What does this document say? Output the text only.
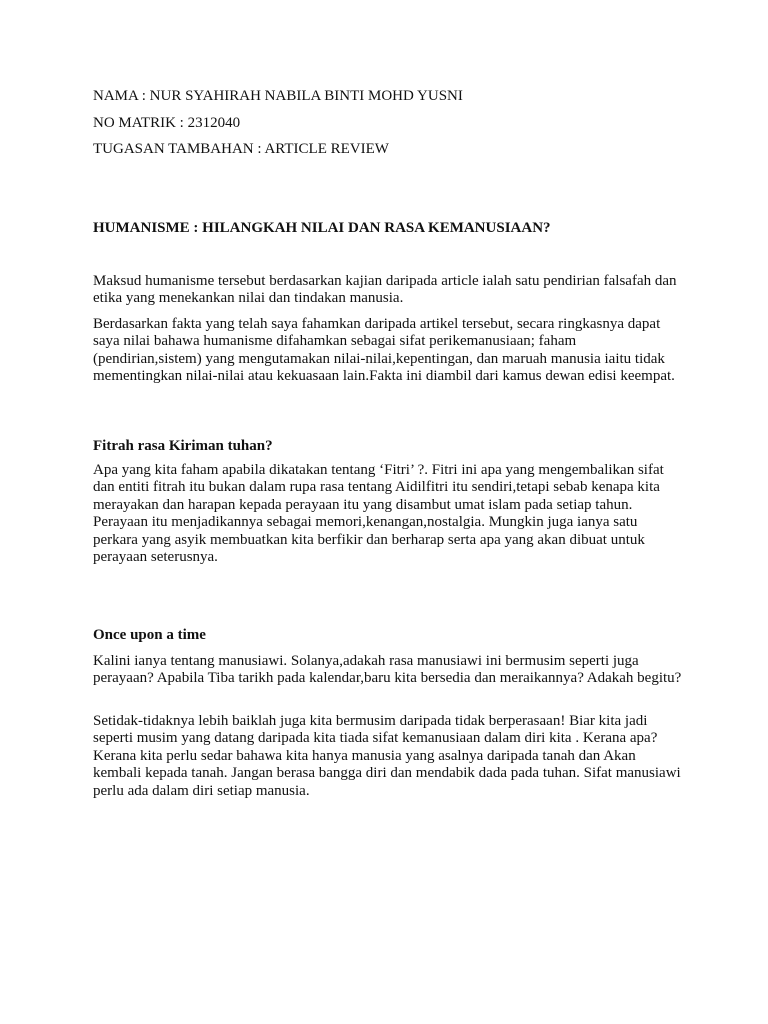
NAMA : NUR SYAHIRAH NABILA BINTI MOHD YUSNI
NO MATRIK : 2312040
TUGASAN TAMBAHAN : ARTICLE REVIEW
HUMANISME : HILANGKAH NILAI DAN RASA KEMANUSIAAN?

Maksud humanisme tersebut berdasarkan kajian daripada article ialah satu pendirian falsafah dan etika yang menekankan nilai dan tindakan manusia.

Berdasarkan fakta yang telah saya fahamkan daripada artikel tersebut, secara ringkasnya dapat saya nilai bahawa humanisme difahamkan sebagai sifat perikemanusiaan; faham (pendirian,sistem) yang mengutamakan nilai-nilai,kepentingan, dan maruah manusia iaitu tidak mementingkan nilai-nilai atau kekuasaan lain.Fakta ini diambil dari kamus dewan edisi keempat.

Fitrah rasa Kiriman tuhan?

Apa yang kita faham apabila dikatakan tentang ‘Fitri’ ?. Fitri ini apa yang mengembalikan sifat dan entiti fitrah itu bukan dalam rupa rasa tentang Aidilfitri itu sendiri,tetapi sebab kenapa kita merayakan dan harapan kepada perayaan itu yang disambut umat islam pada setiap tahun. Perayaan itu menjadikannya sebagai memori,kenangan,nostalgia. Mungkin juga ianya satu perkara yang asyik membuatkan kita berfikir dan berharap serta apa yang akan dibuat untuk perayaan seterusnya.

Once upon a time

Kalini ianya tentang manusiawi. Solanya,adakah rasa manusiawi ini bermusim seperti juga perayaan? Apabila Tiba tarikh pada kalendar,baru kita bersedia dan meraikannya? Adakah begitu?

Setidak-tidaknya lebih baiklah juga kita bermusim daripada tidak berperasaan! Biar kita jadi seperti musim yang datang daripada kita tiada sifat kemanusiaan dalam diri kita . Kerana apa? Kerana kita perlu sedar bahawa kita hanya manusia yang asalnya daripada tanah dan Akan kembali kepada tanah. Jangan berasa bangga diri dan mendabik dada pada tuhan. Sifat manusiawi perlu ada dalam diri setiap manusia.
